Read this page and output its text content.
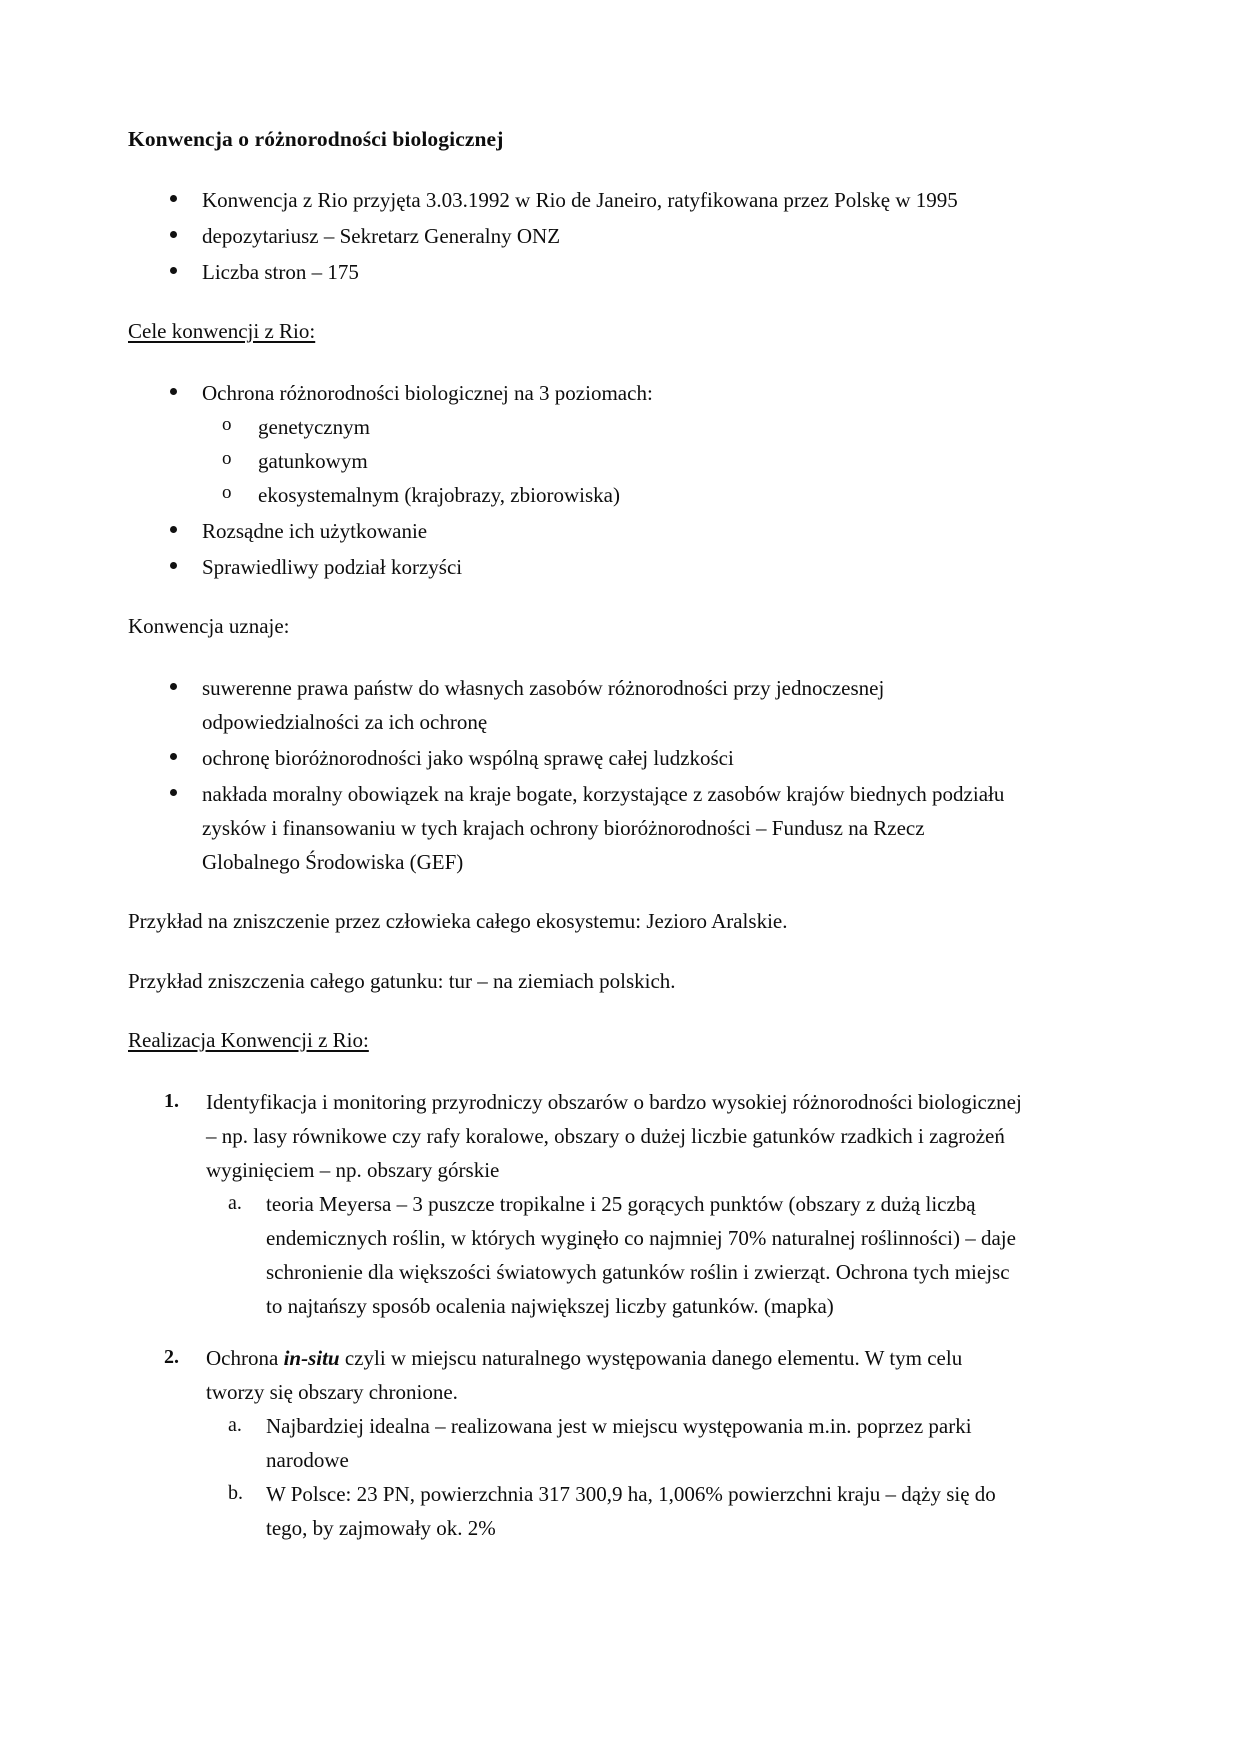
Konwencja o różnorodności biologicznej
Konwencja z Rio przyjęta 3.03.1992 w Rio de Janeiro, ratyfikowana przez Polskę w 1995
depozytariusz – Sekretarz Generalny ONZ
Liczba stron – 175

Cele konwencji z Rio:

Ochrona różnorodności biologicznej na 3 poziomach:
o genetycznym
o gatunkowym
o ekosystemalnym (krajobrazy, zbiorowiska)
Rozsądne ich użytkowanie
Sprawiedliwy podział korzyści

Konwencja uznaje:

suwerenne prawa państw do własnych zasobów różnorodności przy jednoczesnej odpowiedzialności za ich ochronę
ochronę bioróżnorodności jako wspólną sprawę całej ludzkości
nakłada moralny obowiązek na kraje bogate, korzystające z zasobów krajów biednych podziału zysków i finansowaniu w tych krajach ochrony bioróżnorodności – Fundusz na Rzecz Globalnego Środowiska (GEF)

Przykład na zniszczenie przez człowieka całego ekosystemu: Jezioro Aralskie.

Przykład zniszczenia całego gatunku: tur – na ziemiach polskich.

Realizacja Konwencji z Rio:

1. Identyfikacja i monitoring przyrodniczy obszarów o bardzo wysokiej różnorodności biologicznej – np. lasy równikowe czy rafy koralowe, obszary o dużej liczbie gatunków rzadkich i zagrożeń wyginięciem – np. obszary górskie
a. teoria Meyersa – 3 puszcze tropikalne i 25 gorących punktów (obszary z dużą liczbą endemicznych roślin, w których wyginęło co najmniej 70% naturalnej roślinności) – daje schronienie dla większości światowych gatunków roślin i zwierząt. Ochrona tych miejsc to najtańszy sposób ocalenia największej liczby gatunków. (mapka)
2. Ochrona in-situ czyli w miejscu naturalnego występowania danego elementu. W tym celu tworzy się obszary chronione.
a. Najbardziej idealna – realizowana jest w miejscu występowania m.in. poprzez parki narodowe
b. W Polsce: 23 PN, powierzchnia 317 300,9 ha, 1,006% powierzchni kraju – dąży się do tego, by zajmowały ok. 2%
